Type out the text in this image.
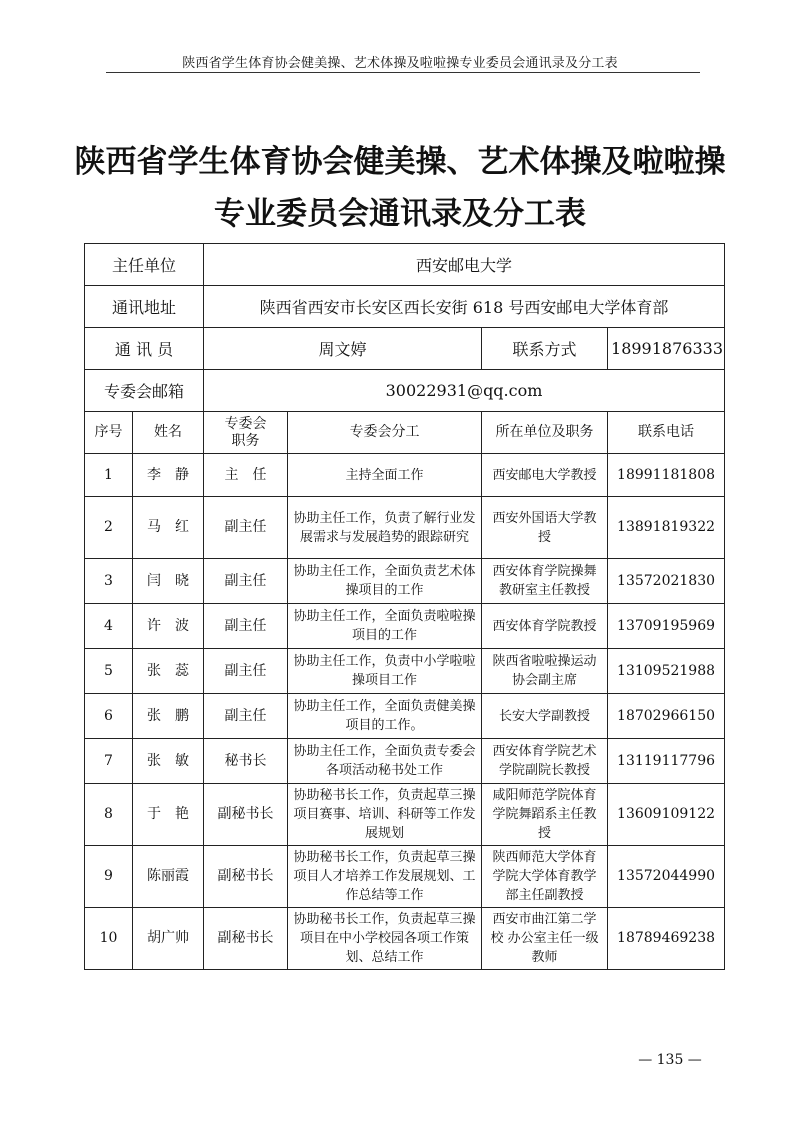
陕西省学生体育协会健美操、艺术体操及啦啦操专业委员会通讯录及分工表
陕西省学生体育协会健美操、艺术体操及啦啦操
专业委员会通讯录及分工表
主任单位		西安邮电大学			
通讯地址		陕西省西安市长安区西长安街 618 号西安邮电大学体育部			
通 讯 员		周文婷		联系方式	18991876333
专委会邮箱		30022931@qq.com			
序号	姓名	专委会职务	专委会分工	所在单位及职务	联系电话
1	李　静	主　任	主持全面工作	西安邮电大学教授	18991181808
2	马　红	副主任	协助主任工作，负责了解行业发展需求与发展趋势的跟踪研究	西安外国语大学教授	13891819322
3	闫　晓	副主任	协助主任工作，全面负责艺术体操项目的工作	西安体育学院操舞教研室主任教授	13572021830
4	许　波	副主任	协助主任工作，全面负责啦啦操项目的工作	西安体育学院教授	13709195969
5	张　蕊	副主任	协助主任工作，负责中小学啦啦操项目工作	陕西省啦啦操运动协会副主席	13109521988
6	张　鹏	副主任	协助主任工作，全面负责健美操项目的工作。	长安大学副教授	18702966150
7	张　敏	秘书长	协助主任工作，全面负责专委会各项活动秘书处工作	西安体育学院艺术学院副院长教授	13119117796
8	于　艳	副秘书长	协助秘书长工作，负责起草三操项目赛事、培训、科研等工作发展规划	咸阳师范学院体育学院舞蹈系主任教授	13609109122
9	陈丽霞	副秘书长	协助秘书长工作，负责起草三操项目人才培养工作发展规划、工作总结等工作	陕西师范大学体育学院大学体育教学部主任副教授	13572044990
10	胡广帅	副秘书长	协助秘书长工作，负责起草三操项目在中小学校园各项工作策划、总结工作	西安市曲江第二学校 办公室主任一级教师	18789469238
— 135 —
